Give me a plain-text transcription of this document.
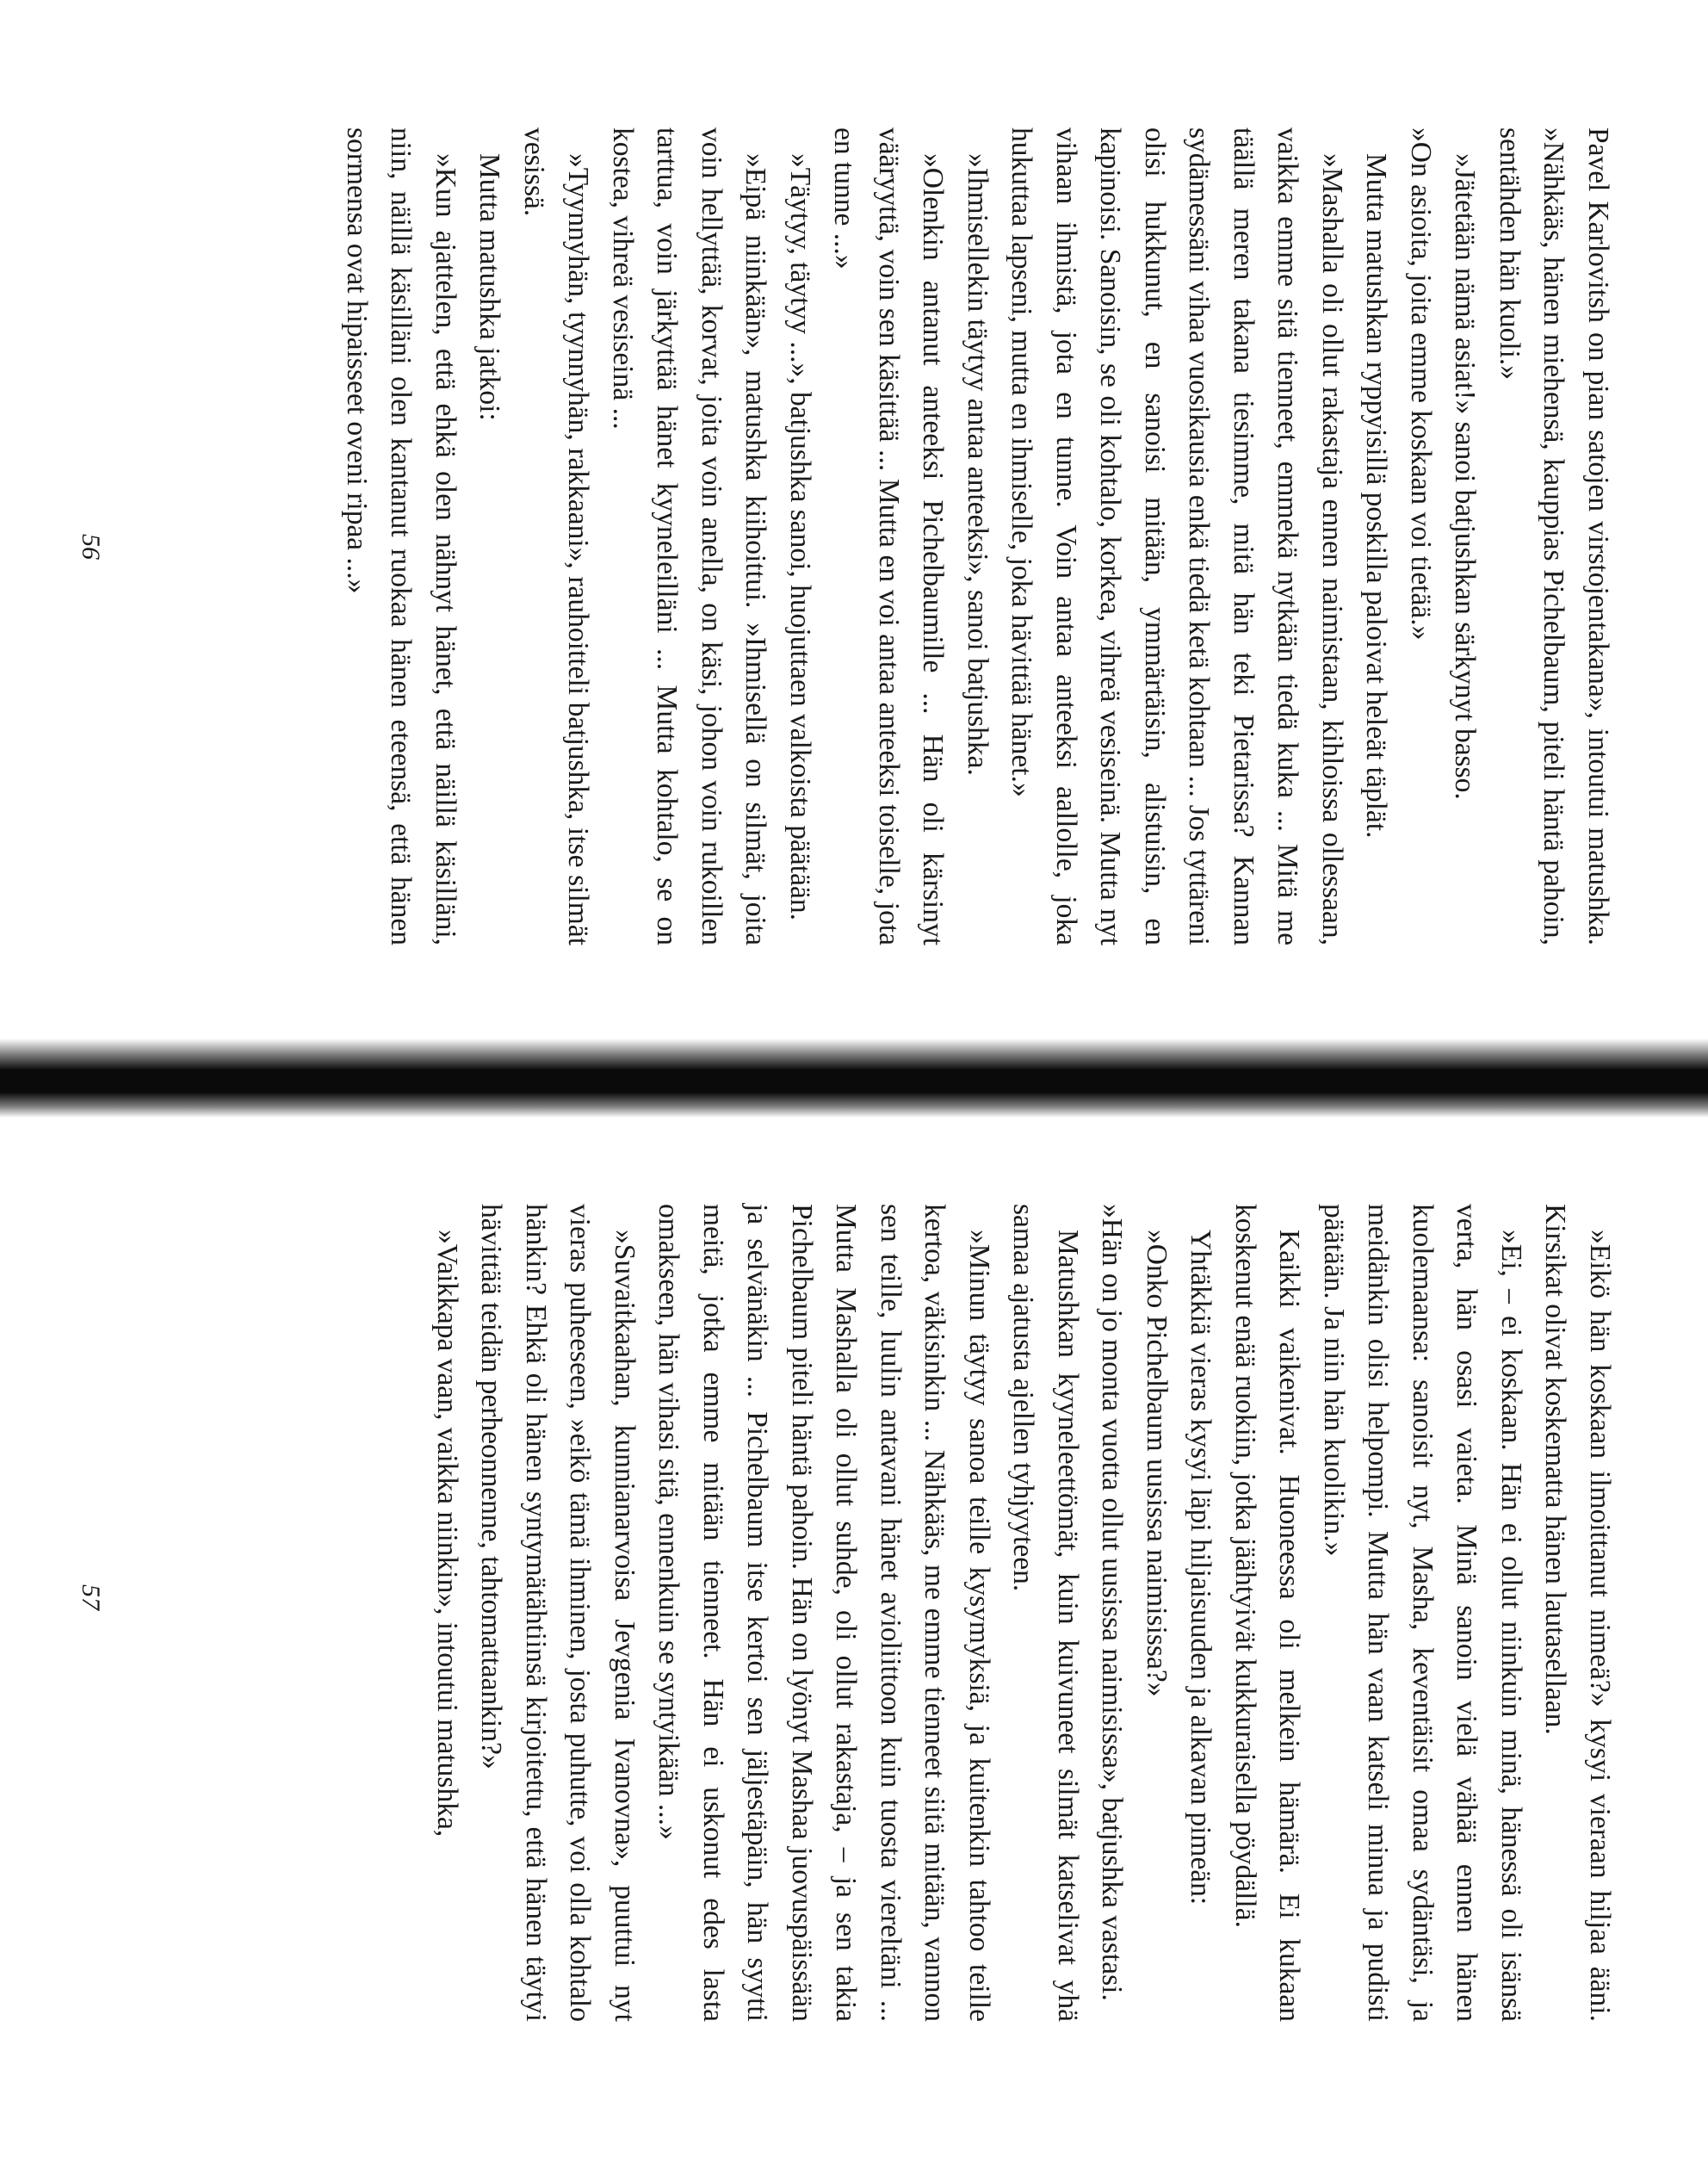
Pavel Karlovitsh on pian satojen virstojentakana», intoutui matushka. »Nähkääs, hänen miehensä, kauppias Pichelbaum, piteli häntä pahoin, sentähden hän kuoli.»

»Jätetään nämä asiat!» sanoi batjushkan särkynyt basso.

»On asioita, joita emme koskaan voi tietää.»

Mutta matushkan ryppyisillä poskilla paloivat heleät täplät.

»Mashalla oli ollut rakastaja ennen naimistaan, kihloissa ollessaan, vaikka emme sitä tienneet, emmekä nytkään tiedä kuka ... Mitä me täällä meren takana tiesimme, mitä hän teki Pietarissa? Kannan sydämessäni vihaa vuosikausia enkä tiedä ketä kohtaan ... Jos tyttäreni olisi hukkunut, en sanoisi mitään, ymmärtäisin, alistuisin, en kapinoisi. Sanoisin, se oli kohtalo, korkea, vihreä vesiseinä. Mutta nyt vihaan ihmistä, jota en tunne. Voin antaa anteeksi aallolle, joka hukuttaa lapseni, mutta en ihmiselle, joka hävittää hänet.»

»Ihmisellekin täytyy antaa anteeksi», sanoi batjushka.

»Olenkin antanut anteeksi Pichelbaumille ... Hän oli kärsinyt vääryyttä, voin sen käsittää ... Mutta en voi antaa anteeksi toiselle, jota en tunne ...»

»Täytyy, täytyy ...», batjushka sanoi, huojuttaen valkoista päätään.

»Eipä niinkään», matushka kiihoittui. »Ihmisellä on silmät, joita voin hellyttää, korvat, joita voin anella, on käsi, johon voin rukoillen tarttua, voin järkyttää hänet kyyneleilläni ... Mutta kohtalo, se on kostea, vihreä vesiseinä ...

»Tyynnyhän, tyynnyhän, rakkaani», rauhoitteli batjushka, itse silmät vesissä.

Mutta matushka jatkoi:

»Kun ajattelen, että ehkä olen nähnyt hänet, että näillä käsilläni, niin, näillä käsilläni olen kantanut ruokaa hänen eteensä, että hänen sormensa ovat hipaisseet oveni ripaa ...»

56

»Eikö hän koskaan ilmoittanut nimeä?» kysyi vieraan hiljaa ääni. Kirsikat olivat koskematta hänen lautasellaan.

»Ei, – ei koskaan. Hän ei ollut niinkuin minä, hänessä oli isänsä verta, hän osasi vaieta. Minä sanoin vielä vähää ennen hänen kuolemaansa: sanoisit nyt, Masha, keventäisit omaa sydäntäsi, ja meidänkin olisi helpompi. Mutta hän vaan katseli minua ja pudisti päätään. Ja niin hän kuolikin.»

Kaikki vaikenivat. Huoneessa oli melkein hämärä. Ei kukaan koskenut enää ruokiin, jotka jäähtyivät kukkuraisella pöydällä.

Yhtäkkiä vieras kysyi läpi hiljaisuuden ja alkavan pimeän:

»Onko Pichelbaum uusissa naimisissa?»

»Hän on jo monta vuotta ollut uusissa naimisissa», batjushka vastasi.

Matushkan kyyneleettömät, kuin kuivuneet silmät katselivat yhä samaa ajatusta ajellen tyhjyyteen.

»Minun täytyy sanoa teille kysymyksiä, ja kuitenkin tahtoo teille kertoa, väkisinkin ... Nähkääs, me emme tienneet siitä mitään, vannon sen teille, luulin antavani hänet avioliittoon kuin tuosta viereltäni ... Mutta Mashalla oli ollut suhde, oli ollut rakastaja, – ja sen takia Pichelbaum piteli häntä pahoin. Hän on lyönyt Mashaa juovuspäissään ja selvänäkin ... Pichelbaum itse kertoi sen jäljestäpäin, hän syytti meitä, jotka emme mitään tienneet. Hän ei uskonut edes lasta omakseen, hän vihasi sitä, ennenkuin se syntyikään ...»

»Suvaitkaahan, kunnianarvoisa Jevgenia Ivanovna», puuttui nyt vieras puheeseen, »eikö tämä ihminen, josta puhutte, voi olla kohtalo hänkin? Ehkä oli hänen syntymätähtiinsä kirjoitettu, että hänen täytyi hävittää teidän perheonnenne, tahtomattaankin?»

»Vaikkapa vaan, vaikka niinkin», intoutui matushka,

57
